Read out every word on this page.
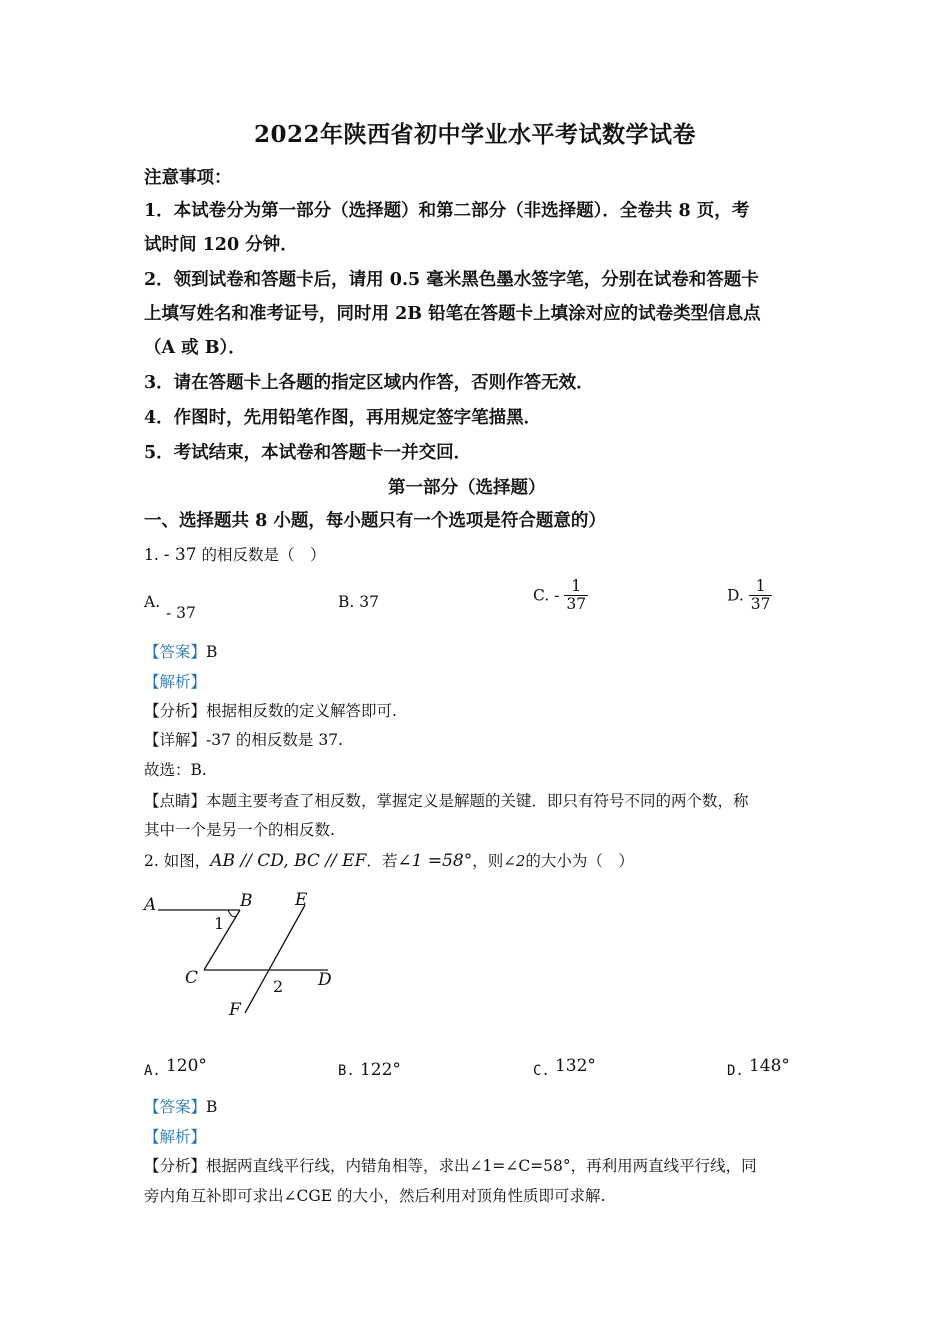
2022年陕西省初中学业水平考试数学试卷
注意事项：
1．本试卷分为第一部分（选择题）和第二部分（非选择题）．全卷共 8 页，考
试时间 120 分钟．
2．领到试卷和答题卡后，请用 0.5 毫米黑色墨水签字笔，分别在试卷和答题卡
上填写姓名和准考证号，同时用 2B 铅笔在答题卡上填涂对应的试卷类型信息点
（A 或 B）．
3．请在答题卡上各题的指定区域内作答，否则作答无效．
4．作图时，先用铅笔作图，再用规定签字笔描黑．
5．考试结束，本试卷和答题卡一并交回．
第一部分（选择题）
一、选择题共 8 小题，每小题只有一个选项是符合题意的）
1. - 37 的相反数是（　）
A.
- 37
B. 37	C. - $\frac{1}{37}$	D. $\frac{1}{37}$
【答案】B
【解析】
【分析】根据相反数的定义解答即可.
【详解】-37 的相反数是 37.
故选：B.
【点睛】本题主要考查了相反数，掌握定义是解题的关键．即只有符号不同的两个数，称
其中一个是另一个的相反数.
2. 如图，AB // CD, BC // EF．若∠1 =58°，则∠2的大小为（　）
A	B
1
C	D
E
2
F
A. 120°	B. 122°	C. 132°	D. 148°
【答案】B
【解析】
【分析】根据两直线平行线，内错角相等，求出∠1=∠C=58°，再利用两直线平行线，同
旁内角互补即可求出∠CGE 的大小，然后利用对顶角性质即可求解.
